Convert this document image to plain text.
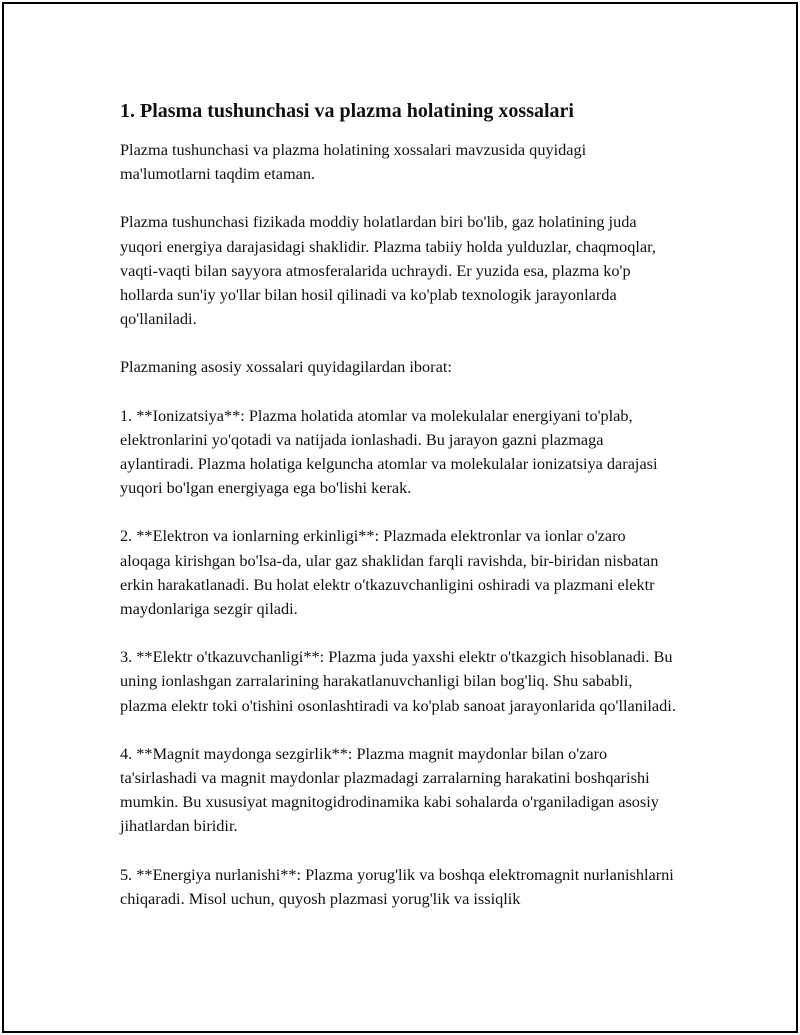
1. Plasma tushunchasi va plazma holatining xossalari

Plazma tushunchasi va plazma holatining xossalari mavzusida quyidagi ma'lumotlarni taqdim etaman.

Plazma tushunchasi fizikada moddiy holatlardan biri bo'lib, gaz holatining juda yuqori energiya darajasidagi shaklidir. Plazma tabiiy holda yulduzlar, chaqmoqlar, vaqti-vaqti bilan sayyora atmosferalarida uchraydi. Er yuzida esa, plazma ko'p hollarda sun'iy yo'llar bilan hosil qilinadi va ko'plab texnologik jarayonlarda qo'llaniladi.

Plazmaning asosiy xossalari quyidagilardan iborat:

1. **Ionizatsiya**: Plazma holatida atomlar va molekulalar energiyani to'plab, elektronlarini yo'qotadi va natijada ionlashadi. Bu jarayon gazni plazmaga aylantiradi. Plazma holatiga kelguncha atomlar va molekulalar ionizatsiya darajasi yuqori bo'lgan energiyaga ega bo'lishi kerak.

2. **Elektron va ionlarning erkinligi**: Plazmada elektronlar va ionlar o'zaro aloqaga kirishgan bo'lsa-da, ular gaz shaklidan farqli ravishda, bir-biridan nisbatan erkin harakatlanadi. Bu holat elektr o'tkazuvchanligini oshiradi va plazmani elektr maydonlariga sezgir qiladi.

3. **Elektr o'tkazuvchanligi**: Plazma juda yaxshi elektr o'tkazgich hisoblanadi. Bu uning ionlashgan zarralarining harakatlanuvchanligi bilan bog'liq. Shu sababli, plazma elektr toki o'tishini osonlashtiradi va ko'plab sanoat jarayonlarida qo'llaniladi.

4. **Magnit maydonga sezgirlik**: Plazma magnit maydonlar bilan o'zaro ta'sirlashadi va magnit maydonlar plazmadagi zarralarning harakatini boshqarishi mumkin. Bu xususiyat magnitogidrodinamika kabi sohalarda o'rganiladigan asosiy jihatlardan biridir.

5. **Energiya nurlanishi**: Plazma yorug'lik va boshqa elektromagnit nurlanishlarni chiqaradi. Misol uchun, quyosh plazmasi yorug'lik va issiqlik
